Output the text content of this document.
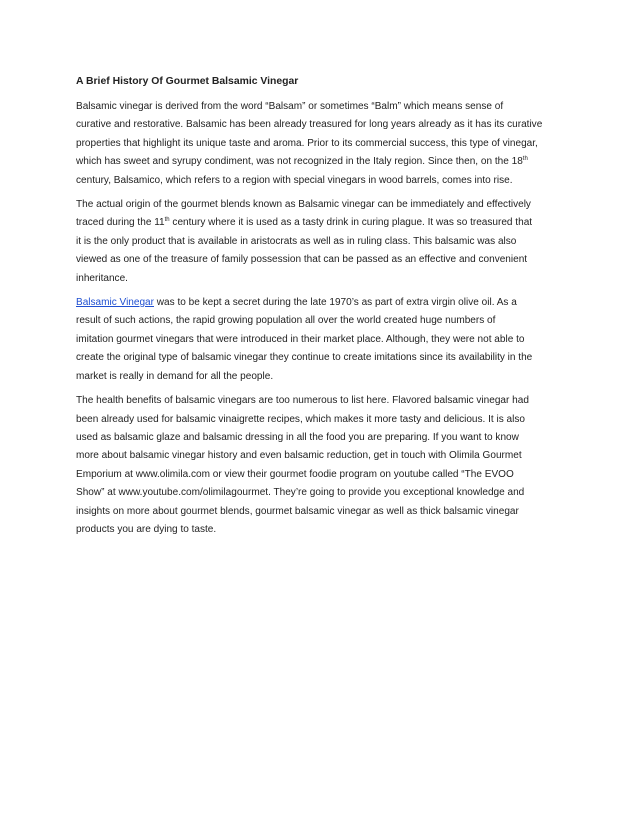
A Brief History Of Gourmet Balsamic Vinegar
Balsamic vinegar is derived from the word “Balsam” or sometimes “Balm” which means sense of
curative and restorative. Balsamic has been already treasured for long years already as it has its curative
properties that highlight its unique taste and aroma. Prior to its commercial success, this type of vinegar,
which has sweet and syrupy condiment, was not recognized in the Italy region. Since then, on the 18th
century, Balsamico, which refers to a region with special vinegars in wood barrels, comes into rise.
The actual origin of the gourmet blends known as Balsamic vinegar can be immediately and effectively
traced during the 11th century where it is used as a tasty drink in curing plague. It was so treasured that
it is the only product that is available in aristocrats as well as in ruling class. This balsamic was also
viewed as one of the treasure of family possession that can be passed as an effective and convenient
inheritance.
Balsamic Vinegar was to be kept a secret during the late 1970’s as part of extra virgin olive oil. As a
result of such actions, the rapid growing population all over the world created huge numbers of
imitation gourmet vinegars that were introduced in their market place. Although, they were not able to
create the original type of balsamic vinegar they continue to create imitations since its availability in the
market is really in demand for all the people.
The health benefits of balsamic vinegars are too numerous to list here. Flavored balsamic vinegar had
been already used for balsamic vinaigrette recipes, which makes it more tasty and delicious. It is also
used as balsamic glaze and balsamic dressing in all the food you are preparing. If you want to know
more about balsamic vinegar history and even balsamic reduction, get in touch with Olimila Gourmet
Emporium at www.olimila.com or view their gourmet foodie program on youtube called “The EVOO
Show” at www.youtube.com/olimilagourmet. They’re going to provide you exceptional knowledge and
insights on more about gourmet blends, gourmet balsamic vinegar as well as thick balsamic vinegar
products you are dying to taste.
